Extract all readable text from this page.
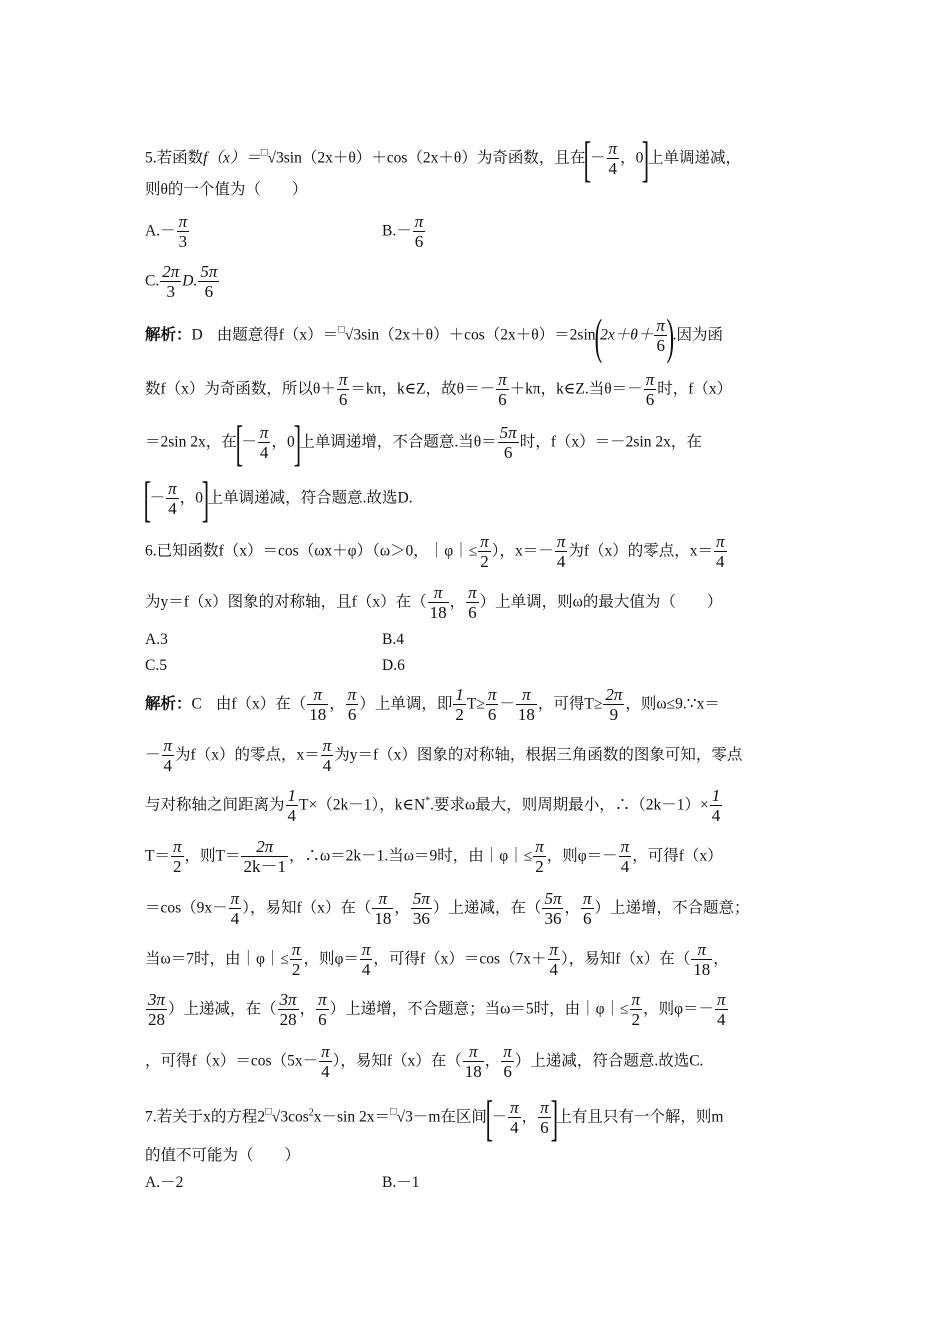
5.若函数f（x）＝□√3sin（2x＋θ）＋cos（2x＋θ）为奇函数，且在[－ $\frac{\pi}{4}$ ，0]上单调递减，
则θ的一个值为（　　）
$A.- \frac{\pi}{3}$	$B.- \frac{\pi}{6}$
C. $\frac{2\pi}{3} D$. $\frac{5\pi}{6}$
解析：D 由题意得$f(x)=^□√3\sin(2x+\theta)+\cos(2x+\theta)=2\sin(2x+\theta+ \frac{\pi}{6}$ ).因为函
数f（x）为奇函数，所以$\theta+ \frac{\pi}{6} =k\pi$，k∈Z，故$\theta=- \frac{\pi}{6} +k\pi$，k∈Z.当$\theta=- \frac{\pi}{6}$ 时，f（x）
＝2sin 2x，在[－ $\frac{\pi}{4}$ ，0]上单调递增，不合题意.当$\theta= \frac{5\pi}{6}$ 时，f（x）＝－2sin 2x，在
[－ $\frac{\pi}{4}$ ，0]上单调递减，符合题意.故选D.
6.已知函数f（x）＝cos（ωx＋φ）（ω＞0，｜φ｜≤ $\frac{\pi}{2}$ ），$x=- \frac{\pi}{4}$ 为f（x）的零点，$x= \frac{\pi}{4}$
为y＝f（x）图象的对称轴，且f（x）在（ $\frac{\pi}{18}$ ， $\frac{\pi}{6}$ ）上单调，则ω的最大值为（　　）
A.3	B.4
C.5	D.6
解析：C 由f（x）在（ $\frac{\pi}{18}$ ， $\frac{\pi}{6}$ ）上单调，即 $\frac{1}{2} T\ge \frac{\pi}{6} - \frac{\pi}{18}$ ，可得$T\ge \frac{2\pi}{9}$ ，则ω≤9.∵x＝
－ $\frac{\pi}{4}$ 为f（x）的零点，$x= \frac{\pi}{4}$ 为y＝f（x）图象的对称轴，根据三角函数的图象可知，零点
与对称轴之间距离为 $\frac{1}{4} T\times(2k-1)$，k∈N*.要求ω最大，则周期最小，∴（2k－1）× $\frac{1}{4}$
$T= \frac{\pi}{2}$ ，则$T= \frac{2\pi}{2k-1}$ ，∴ω＝2k－1.当ω＝9时，由｜φ｜≤ $\frac{\pi}{2}$ ，则$\varphi=- \frac{\pi}{4}$ ，可得f（x）
$=\cos(9x- \frac{\pi}{4}$ ），易知f（x）在（ $\frac{\pi}{18}$ ， $\frac{5\pi}{36}$ ）上递减，在（ $\frac{5\pi}{36}$ ， $\frac{\pi}{6}$ ）上递增，不合题意；
当ω＝7时，由｜φ｜≤ $\frac{\pi}{2}$ ，则$\varphi= \frac{\pi}{4}$ ，可得$f(x)=\cos(7x+ \frac{\pi}{4}$ ），易知f（x）在（ $\frac{\pi}{18}$ ，
$\frac{3\pi}{28}$ ）上递减，在（ $\frac{3\pi}{28}$ ， $\frac{\pi}{6}$ ）上递增，不合题意；当ω＝5时，由｜φ｜≤ $\frac{\pi}{2}$ ，则$\varphi=- \frac{\pi}{4}$
，可得$f(x)=\cos(5x- \frac{\pi}{4}$ ），易知f（x）在（ $\frac{\pi}{18}$ ， $\frac{\pi}{6}$ ）上递减，符合题意.故选C.
7.若关于x的方程$2^□√3\cos^2x-\sin$ 2x＝□√3－m在区间[－ $\frac{\pi}{4}$ ， $\frac{\pi}{6}$ ]上有且只有一个解，则m
的值不可能为（　　）
A.－2	B.－1
